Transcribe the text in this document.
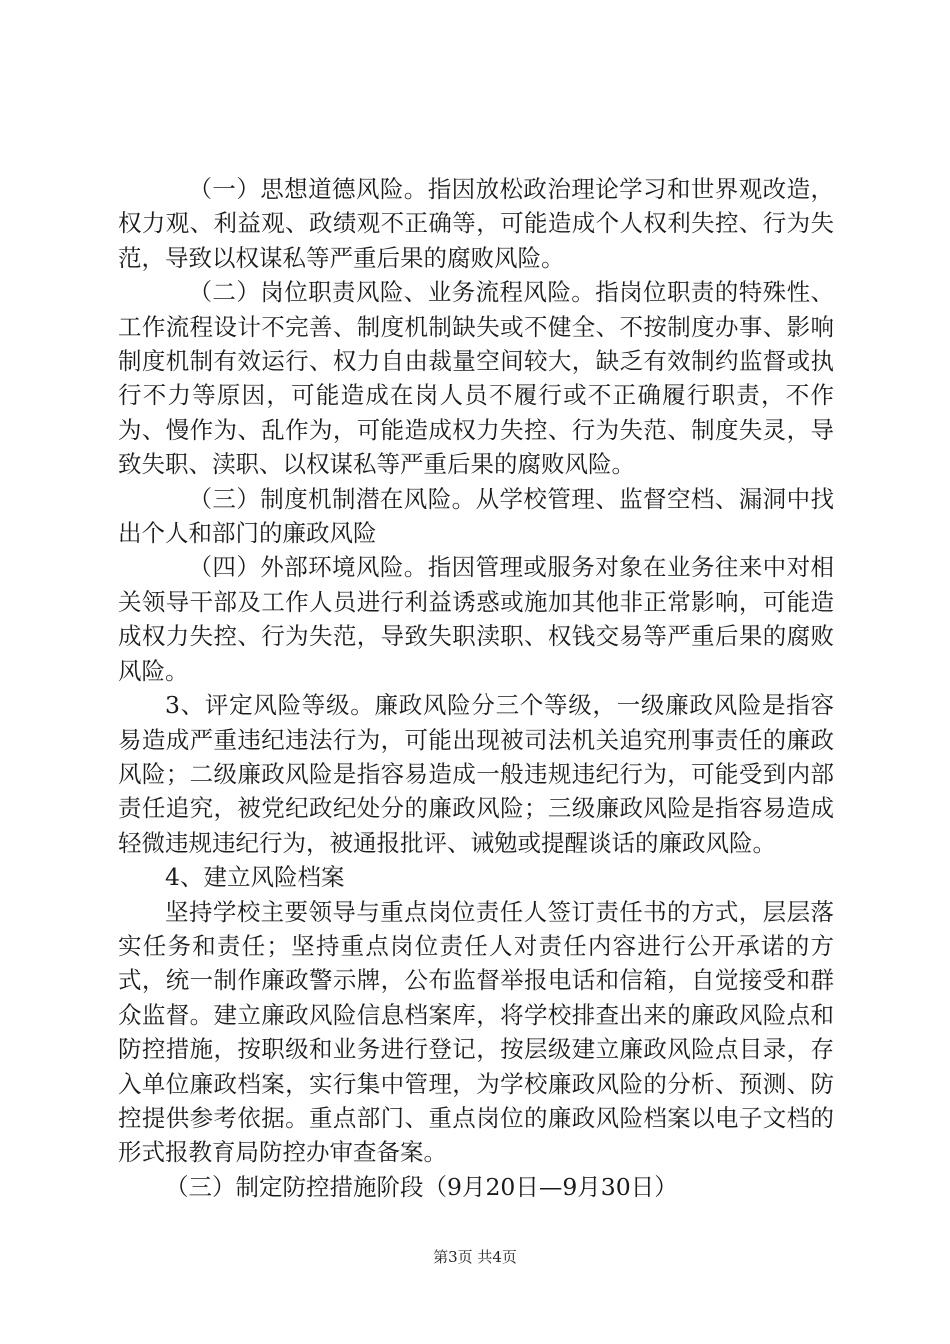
（一）思想道德风险。指因放松政治理论学习和世界观改造，权力观、利益观、政绩观不正确等，可能造成个人权利失控、行为失范，导致以权谋私等严重后果的腐败风险。

（二）岗位职责风险、业务流程风险。指岗位职责的特殊性、工作流程设计不完善、制度机制缺失或不健全、不按制度办事、影响制度机制有效运行、权力自由裁量空间较大，缺乏有效制约监督或执行不力等原因，可能造成在岗人员不履行或不正确履行职责，不作为、慢作为、乱作为，可能造成权力失控、行为失范、制度失灵，导致失职、渎职、以权谋私等严重后果的腐败风险。

（三）制度机制潜在风险。从学校管理、监督空档、漏洞中找出个人和部门的廉政风险

（四）外部环境风险。指因管理或服务对象在业务往来中对相关领导干部及工作人员进行利益诱惑或施加其他非正常影响，可能造成权力失控、行为失范，导致失职渎职、权钱交易等严重后果的腐败风险。

3、评定风险等级。廉政风险分三个等级，一级廉政风险是指容易造成严重违纪违法行为，可能出现被司法机关追究刑事责任的廉政风险；二级廉政风险是指容易造成一般违规违纪行为，可能受到内部责任追究，被党纪政纪处分的廉政风险；三级廉政风险是指容易造成轻微违规违纪行为，被通报批评、诫勉或提醒谈话的廉政风险。

4、建立风险档案

坚持学校主要领导与重点岗位责任人签订责任书的方式，层层落实任务和责任；坚持重点岗位责任人对责任内容进行公开承诺的方式，统一制作廉政警示牌，公布监督举报电话和信箱，自觉接受和群众监督。建立廉政风险信息档案库，将学校排查出来的廉政风险点和防控措施，按职级和业务进行登记，按层级建立廉政风险点目录，存入单位廉政档案，实行集中管理，为学校廉政风险的分析、预测、防控提供参考依据。重点部门、重点岗位的廉政风险档案以电子文档的形式报教育局防控办审查备案。

（三）制定防控措施阶段（9月20日—9月30日）

第3页 共4页
